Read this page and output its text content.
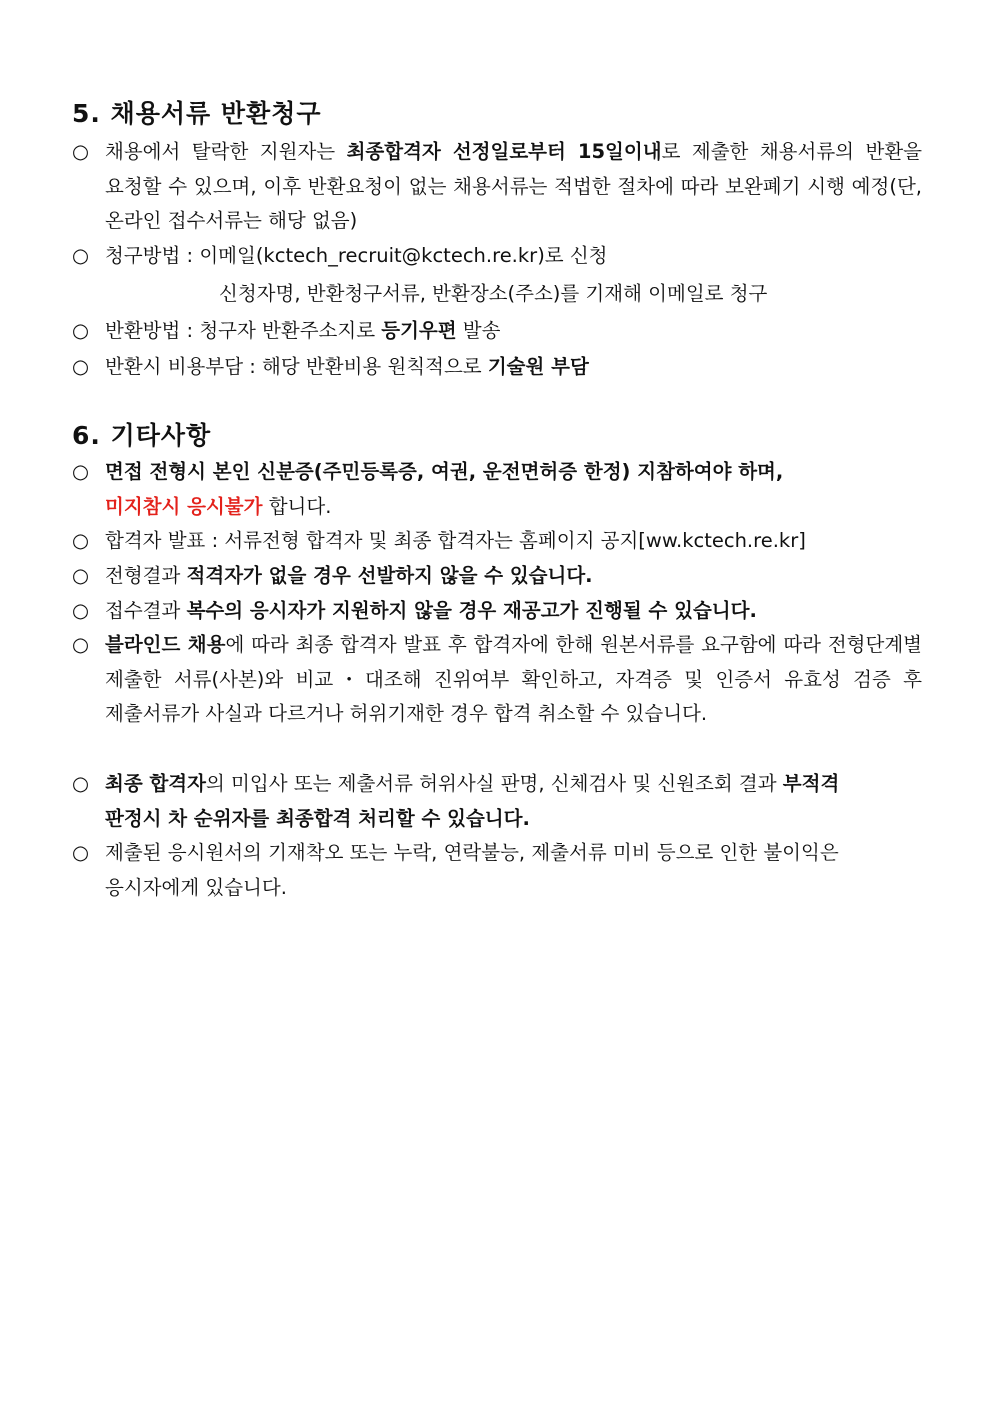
5. 채용서류 반환청구
○ 채용에서 탈락한 지원자는 최종합격자 선정일로부터 15일이내로 제출한 채용서류의 반환을 요청할 수 있으며, 이후 반환요청이 없는 채용서류는 적법한 절차에 따라 보완폐기 시행 예정(단, 온라인 접수서류는 해당 없음)
○ 청구방법 : 이메일(kctech_recruit@kctech.re.kr)로 신청
신청자명, 반환청구서류, 반환장소(주소)를 기재해 이메일로 청구
○ 반환방법 : 청구자 반환주소지로 등기우편 발송
○ 반환시 비용부담 : 해당 반환비용 원칙적으로 기술원 부담
6. 기타사항
○ 면접 전형시 본인 신분증(주민등록증, 여권, 운전면허증 한정) 지참하여야 하며,
미지참시 응시불가 합니다.
○ 합격자 발표 : 서류전형 합격자 및 최종 합격자는 홈페이지 공지[ww.kctech.re.kr]
○ 전형결과 적격자가 없을 경우 선발하지 않을 수 있습니다.
○ 접수결과 복수의 응시자가 지원하지 않을 경우 재공고가 진행될 수 있습니다.
○ 블라인드 채용에 따라 최종 합격자 발표 후 합격자에 한해 원본서류를 요구함에 따라 전형단계별 제출한 서류(사본)와 비교・대조해 진위여부 확인하고, 자격증 및 인증서 유효성 검증 후 제출서류가 사실과 다르거나 허위기재한 경우 합격 취소할 수 있습니다.
○ 최종 합격자의 미입사 또는 제출서류 허위사실 판명, 신체검사 및 신원조회 결과 부적격 판정시 차 순위자를 최종합격 처리할 수 있습니다.
○ 제출된 응시원서의 기재착오 또는 누락, 연락불능, 제출서류 미비 등으로 인한 불이익은 응시자에게 있습니다.
